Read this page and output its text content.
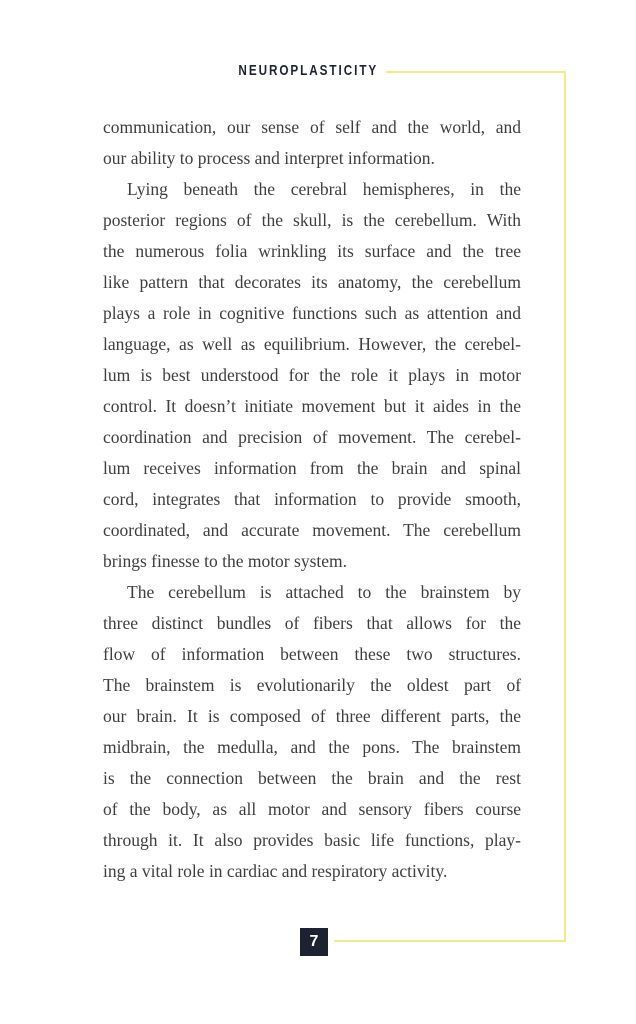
NEUROPLASTICITY
communication, our sense of self and the world, and
our ability to process and interpret information.
Lying beneath the cerebral hemispheres, in the
posterior regions of the skull, is the cerebellum. With
the numerous folia wrinkling its surface and the tree
like pattern that decorates its anatomy, the cerebellum
plays a role in cognitive functions such as attention and
language, as well as equilibrium. However, the cerebel-
lum is best understood for the role it plays in motor
control. It doesn’t initiate movement but it aides in the
coordination and precision of movement. The cerebel-
lum receives information from the brain and spinal
cord, integrates that information to provide smooth,
coordinated, and accurate movement. The cerebellum
brings finesse to the motor system.
The cerebellum is attached to the brainstem by
three distinct bundles of fibers that allows for the
flow of information between these two structures.
The brainstem is evolutionarily the oldest part of
our brain. It is composed of three different parts, the
midbrain, the medulla, and the pons. The brainstem
is the connection between the brain and the rest
of the body, as all motor and sensory fibers course
through it. It also provides basic life functions, play-
ing a vital role in cardiac and respiratory activity.
7
